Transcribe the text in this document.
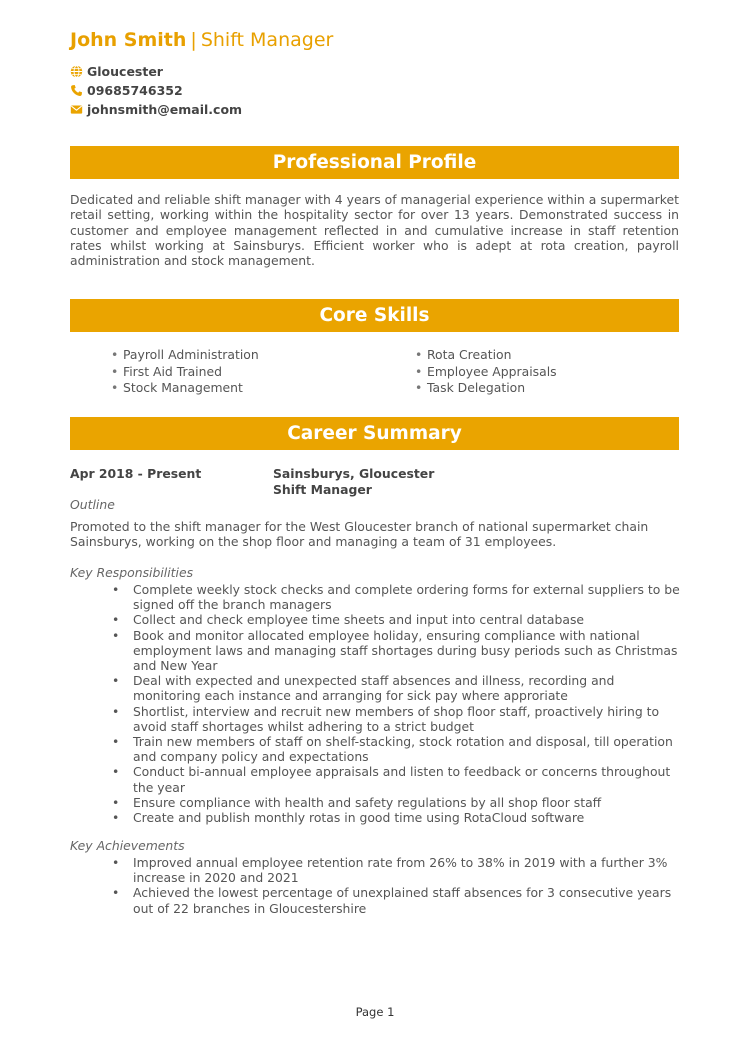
John Smith | Shift Manager
Gloucester
09685746352
johnsmith@email.com
Professional Profile

Dedicated and reliable shift manager with 4 years of managerial experience within a supermarket retail setting, working within the hospitality sector for over 13 years. Demonstrated success in customer and employee management reflected in and cumulative increase in staff retention rates whilst working at Sainsburys. Efficient worker who is adept at rota creation, payroll administration and stock management.

Core Skills
• Payroll Administration
• First Aid Trained
• Stock Management
• Rota Creation
• Employee Appraisals
• Task Delegation
Career Summary
Apr 2018 - Present	Sainsburys, Gloucester
Shift Manager
Outline

Promoted to the shift manager for the West Gloucester branch of national supermarket chain Sainsburys, working on the shop floor and managing a team of 31 employees.

Key Responsibilities
• Complete weekly stock checks and complete ordering forms for external suppliers to be signed off the branch managers
• Collect and check employee time sheets and input into central database
• Book and monitor allocated employee holiday, ensuring compliance with national employment laws and managing staff shortages during busy periods such as Christmas and New Year
• Deal with expected and unexpected staff absences and illness, recording and monitoring each instance and arranging for sick pay where approriate
• Shortlist, interview and recruit new members of shop floor staff, proactively hiring to avoid staff shortages whilst adhering to a strict budget
• Train new members of staff on shelf-stacking, stock rotation and disposal, till operation and company policy and expectations
• Conduct bi-annual employee appraisals and listen to feedback or concerns throughout the year
• Ensure compliance with health and safety regulations by all shop floor staff
• Create and publish monthly rotas in good time using RotaCloud software
Key Achievements
• Improved annual employee retention rate from 26% to 38% in 2019 with a further 3% increase in 2020 and 2021
• Achieved the lowest percentage of unexplained staff absences for 3 consecutive years out of 22 branches in Gloucestershire
Page 1
